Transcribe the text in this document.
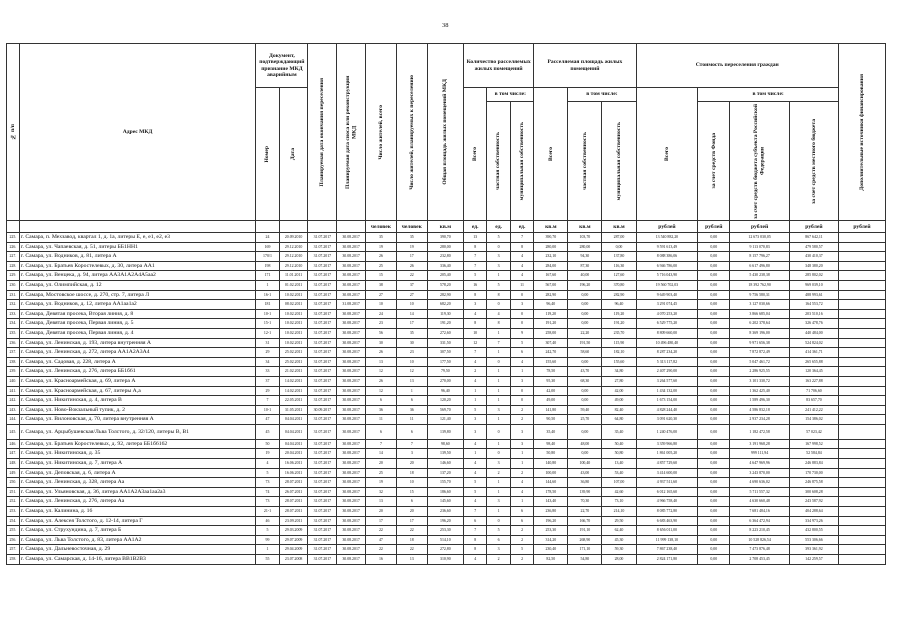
38
№ п/п	Адрес МКД	Документ, подтверждающий признание МКД аварийным		Планируемая дата окончания переселения	Планируемая дата сноса или реконструкции МКД	Число жителей, всего	Число жителей, планируемых к переселению	Общая площадь жилых помещений МКД	Количество расселяемых жилых помещений			Расселяемая площадь жилых помещений			Стоимость переселения граждан				Дополнительные источники финансирования

		Номер	Дата						Всего	в том числе:		Всего	в том числе:		Всего	в том числе:			

										частная собственность	муниципальная собственность		частная собственность	муниципальная собственность		за счет средств Фонда	за счет средств бюджета субъекта Российской Федерации	за счет средств местного бюджета	

						человек	человек	кв.м	ед.	ед.	ед.	кв.м	кв.м	кв.м	рублей	рублей	рублей	рублей	рублей
225.	г. Самара, п. Мехзавод, квартал 1, д. 1а, литеры Е, е, е1, е2, е3	24	20.09.2010	31.07.2017	30.08.2017	35	35	390,70	13	5	7	390,70	103,70	287,00	13 540 882,20	0,00	12 673 030,05	867 642,11	
226.	г. Самара, ул. Чапаевская, д. 51, литеры ББ1НН1	169	29.12.2010	31.07.2017	30.08.2017	19	19	280,00	8	0	8	280,00	280,00	0,00	9 591 613,49	0,00	9 113 070,83	479 580,57	
227.	г. Самара, ул. Водников, д. 81, литера А	170/1	29.12.2010	31.07.2017	30.08.2017	26	17	232,80	7	3	4	232,10	94,30	137,80	8 088 386,06	0,00	8 157 796,27	430 410,37	
228.	г. Самара, ул. Братьев Коростелевых, д. 30, литера АА1	198	29.12.2010	31.07.2017	30.08.2017	25	26	336,40	7	3	4	284,00	87,30	116,30	6 946 786,00	0,00	6 617 496,80	348 380,20	
229.	г. Самара, ул. Венцека, д. 94, литера АА3А1А2А4А5аа2	171	11.01.2011	31.07.2017	30.08.2017	15	22	205,40	5	1	4	167,60	40,00	127,60	5 716 043,90	0,00	5 430 238,38	285 802,02	
230.	г. Самара, ул. Олимпийская, д. 12	1	01.02.2011	31.07.2017	30.08.2017	38	37	578,20	16	5	11	567,00	196,20	370,80	19 560 702,03	0,00	18 392 762,90	969 039,10	
231.	г. Самара, Мостовское шоссе, д. 270, стр. 7, литера Л	16-1	10.02.2011	31.07.2017	30.08.2017	27	27	282,90	8	8	0	282,90	0,00	282,90	9 649 903,40	0,00	9 756 580,31	488 993,61	
232.	г. Самара, ул. Водников, д. 12, литера АА1аа1а2	181	08.02.2011	31.07.2017	31.08.2017	10	10	682,20	3	0	3	96,40	0,00	96,40	3 291 074,45	0,00	3 127 030,66	164 553,72	
233.	г. Самара, Девятая просека, Вторая линия, д. 8	10-1	10.02.2011	31.07.2017	30.08.2017	24	14	119,30	4	4	0	119,20	0,00	119,20	4 070 253,20	0,00	3 866 685,04	203 510,16	
234.	г. Самара, Девятая просека, Первая линия, д. 5	15-1	10.02.2011	31.07.2017	30.08.2017	23	17	191,20	8	8	0	191,20	0,00	191,20	6 529 775,20	0,00	6 202 378,64	326 478,76	
235.	г. Самара, Девятая просека, Первая линия, д. 4	12-1	10.02.2011	31.07.2017	30.08.2017	56	35	272,60	10	1	9	258,00	22,20	235,70	8 809 660,00	0,00	8 369 196,00	440 484,00	
236.	г. Самара, ул. Ленинская, д. 193, литера внутренняя А	31	10.02.2011	31.07.2017	30.08.2017	30	30	331,50	12	7	5	307,40	191,50	115,90	10 496 480,40	0,00	9 971 656,38	524 824,02	
237.	г. Самара, ул. Ленинская, д. 272, литера АА1А2А3А4	29	25.02.2011	31.07.2017	30.08.2017	26	23	307,50	7	1	6	242,70	58,60	182,10	8 287 234,20	0,00	7 872 872,49	414 361,71	
238.	г. Самара, ул. Садовая, д. 228, литера А	34	25.02.2011	31.07.2017	30.08.2017	13	10	177,50	4	0	4	155,60	0,00	155,60	5 313 117,82	0,00	5 047 461,72	265 655,88	
239.	г. Самара, ул. Ленинская, д. 276, литера ББ1б61	33	21.02.2011	31.07.2017	30.08.2017	12	12	79,50	2	1	1	78,50	43,70	34,80	2 407 290,00	0,00	2 286 925,55	120 364,45	
240.	г. Самара, ул. Красноармейская, д. 69, литера А	37	14.02.2011	31.07.2017	30.08.2017	26	13	270,00	4	1	3	95,30	68,30	27,80	3 264 577,60	0,00	3 101 330,72	163 227,88	
241.	г. Самара, ул. Красноармейская, д. 67, литеры А,а	29	14.02.2011	31.07.2017	30.08.2017	12	1	96,40	1	1	0	42,00	0,00	42,00	1 434 132,00	0,00	1 362 425,40	71 706,60	
242.	г. Самара, ул. Никитинская, д. 4, литера В	7	22.05.2011	31.07.2017	30.08.2017	6	6	120,20	1	1	0	49,00	0,00	49,00	1 673 154,00	0,00	1 589 496,30	83 657,70	
243.	г. Самара, ул. Ново-Вокзальный тупик, д. 2	10-1	31.05.2011	30.09.2017	30.08.2017	36	36	569,70	5	3	2	141,80	59,40	82,40	4 828 244,40	0,00	4 586 832,18	241 412,22	
244.	г. Самара, ул. Вилоновская, д. 70, литера внутренняя А	47	04.04.2011	31.07.2017	30.08.2017	11	11	121,40	3	1	2	90,50	25,70	64,80	3 091 620,30	0,00	2 937 234,28	154 386,02	
245.	г. Самара, ул. Арцыбушевская/Льва Толстого, д. 32/120, литеры В, В1	45	04.04.2011	31.07.2017	30.08.2017	6	6	139,80	3	0	3	35,40	0,00	35,40	1 240 476,00	0,00	1 182 472,58	57 023,42	
246.	г. Самара, ул. Братьев Коростелевых, д. 92, литера ББ1б6162	50	04.04.2011	31.07.2017	30.08.2017	7	7	98,60	4	1	3	98,40	48,00	50,40	3 359 966,80	0,00	3 191 968,28	167 998,52	
247.	г. Самара, ул. Никитинская, д. 35	19	20.04.2011	31.07.2017	30.08.2017	14	3	139,50	1	0	1	50,80	0,00	50,80	1 861 005,20	0,00	999 111,94	52 584,84	
248.	г. Самара, ул. Никитинская, д. 7, литера А	4	16.06.2011	31.07.2017	30.08.2017	20	20	146,60	4	3	1	140,80	100,40	13,40	4 857 729,60	0,00	4 647 969,96	246 883,84	
249.	г. Самара, ул. Деповская, д. 6, литера А	5	16.06.2011	31.07.2017	30.08.2017	25	18	137,20	4	2	2	100,00	43,00	53,40	3 414 600,00	0,00	3 243 870,00	170 730,00	
250.	г. Самара, ул. Ленинская, д. 328, литера Аа	73	28.07.2011	31.07.2017	30.08.2017	19	10	155,70	5	1	4	144,60	36,80	107,00	4 937 511,60	0,00	4 690 636,02	246 875,58	
251.	г. Самара, ул. Ульяновская, д. 36, литера АА1А2А3аа1аа2а3	74	26.07.2011	31.07.2017	30.08.2017	32	15	186,60	5	1	4	178,50	139,90	42,60	6 012 165,60	0,00	5 711 557,32	300 608,28	
252.	г. Самара, ул. Ленинская, д. 276, литера Аа	73	28.07.2011	31.07.2017	30.08.2017	13	6	145,60	4	3	1	143,40	70,30	73,10	4 966 758,40	0,00	4 630 660,48	243 587,92	
253.	г. Самара, ул. Калинина, д. 16	21-1	28.07.2011	31.07.2017	30.08.2017	20	20	236,60	7	1	6	236,80	22,70	214,10	8 085 772,80	0,00	7 681 484,16	404 288,64	
254.	г. Самара, ул. Алексея Толстого, д. 12-14, литера Г	46	23.09.2011	31.07.2017	30.08.2017	17	17	196,20	6	0	6	196,20	166,70	29,50	6 683 463,90	0,00	6 364 472,94	334 973,26	
255.	г. Самара, ул. Струхундина, д. 7, литера Б	5	29.03.2009	31.07.2017	30.08.2017	22	22	253,30	7	5	2	253,30	191,10	62,40	8 656 011,00	0,00	8 223 210,45	432 800,55	
256.	г. Самара, ул. Льва Толстого, д. 83, литера АА1А2	99	29.07.2009	31.07.2017	30.08.2017	47	18	514,10	8	6	2	314,20	268,90	45,30	11 999 138,10	0,00	10 528 826,54	553 306,66	
257.	г. Самара, ул. Дальневосточная, д. 29	1	29.04.2009	31.07.2017	30.08.2017	22	22	272,80	8	3	5	230,40	171,10	59,30	7 867 238,40	0,00	7 473 876,48	393 361,92	
258.	г. Самара, ул. Самарская, д. 14-16, литера ВВ1В2В3	55	23.07.2008	31.07.2017	30.08.2017	16	13	310,90	4	2	2	82,50	54,80	28,00	2 824 171,80	0,00	2 708 453,45	142 259,57	
